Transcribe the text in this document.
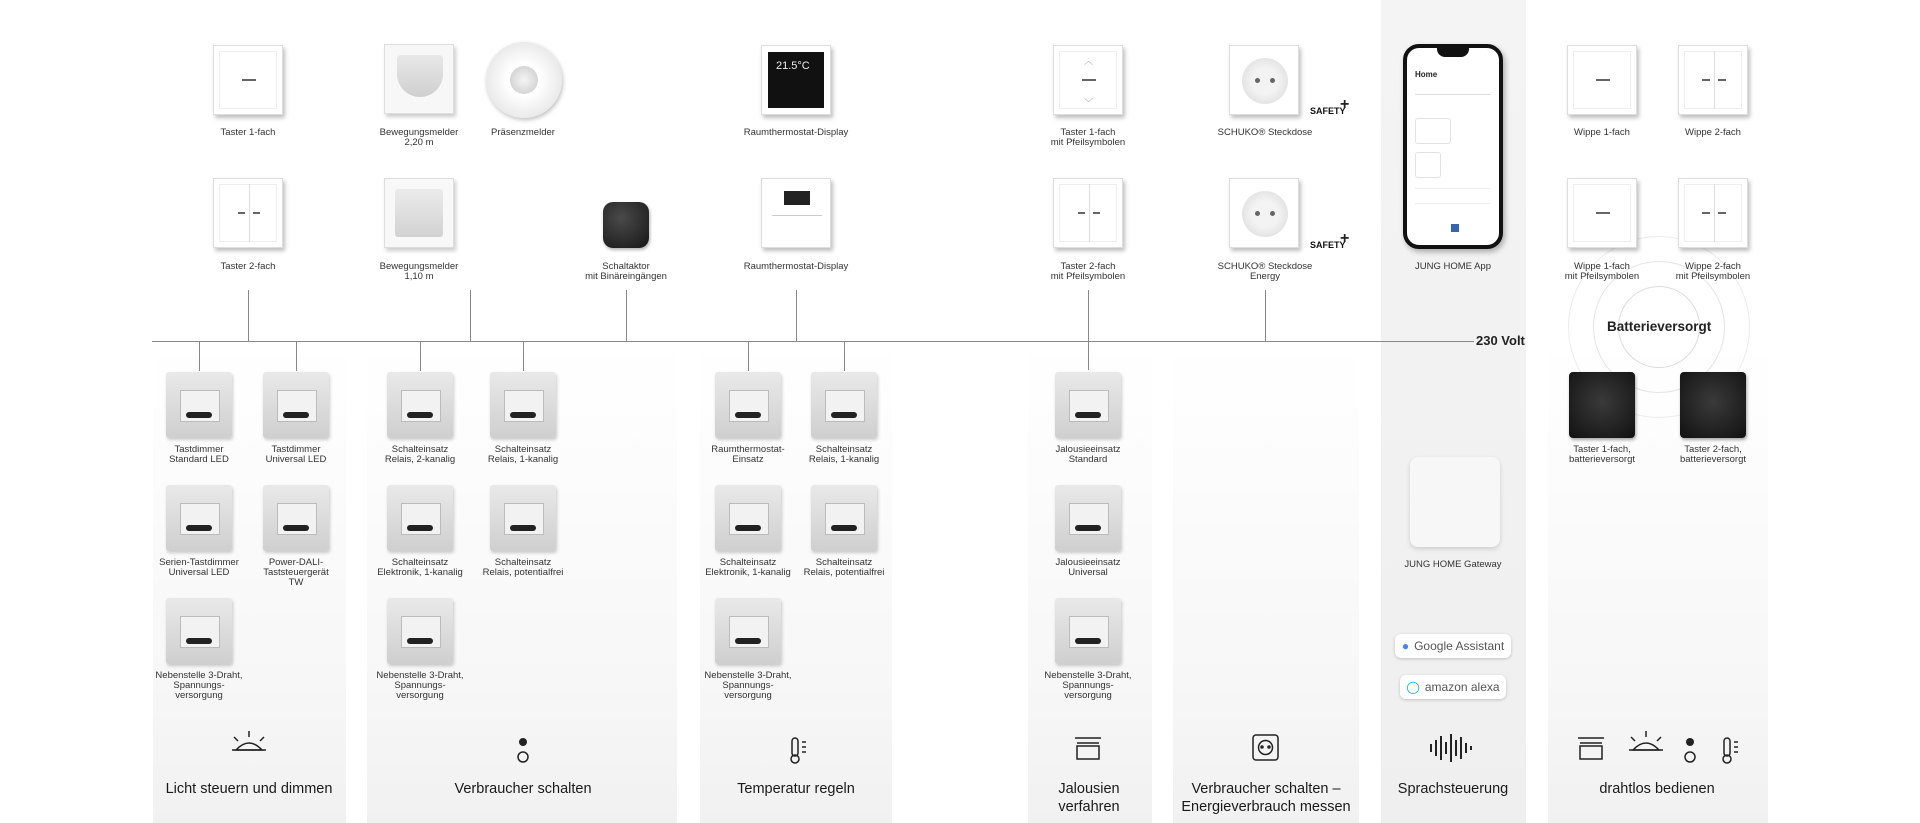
230 Volt
Taster 1-fach	Bewegungsmelder
2,20 m
Präsenzmelder
21.5°C
Raumthermostat-Display
︿
﹀
Taster 1-fach
mit Pfeilsymbolen
SCHUKO® Steckdose
SAFETY
+
Home
Wippe 1-fach	Wippe 2-fach
Taster 2-fach	Bewegungsmelder
1,10 m
Schaltaktor
mit Binäreingängen
Raumthermostat-Display	Taster 2-fach
mit Pfeilsymbolen
SCHUKO® Steckdose Energy
SAFETY
+
JUNG HOME App	Wippe 1-fach
mit Pfeilsymbolen
Wippe 2-fach
mit Pfeilsymbolen
Batterieversorgt
Tastdimmer
Standard LED
Tastdimmer
Universal LED
Serien-Tastdimmer
Universal LED
Power-DALI-
Taststeuergerät
TW
Nebenstelle 3-Draht,
Spannungs-
versorgung
Schalteinsatz
Relais, 2-kanalig
Schalteinsatz
Relais, 1-kanalig
Schalteinsatz
Elektronik, 1-kanalig
Schalteinsatz
Relais, potentialfrei
Nebenstelle 3-Draht,
Spannungs-
versorgung
Raumthermostat-
Einsatz
Schalteinsatz
Relais, 1-kanalig
Schalteinsatz
Elektronik, 1-kanalig
Schalteinsatz
Relais, potentialfrei
Nebenstelle 3-Draht,
Spannungs-
versorgung
Jalousieeinsatz
Standard
Jalousieeinsatz
Universal
Nebenstelle 3-Draht,
Spannungs-
versorgung
JUNG HOME Gateway
Taster 1-fach,
batterieversorgt
Taster 2-fach,
batterieversorgt
● Google Assistant
◯ amazon alexa
Licht steuern und dimmen	Verbraucher schalten	Temperatur regeln	Jalousien
verfahren
Verbraucher schalten –
Energieverbrauch messen
Sprachsteuerung	drahtlos bedienen
